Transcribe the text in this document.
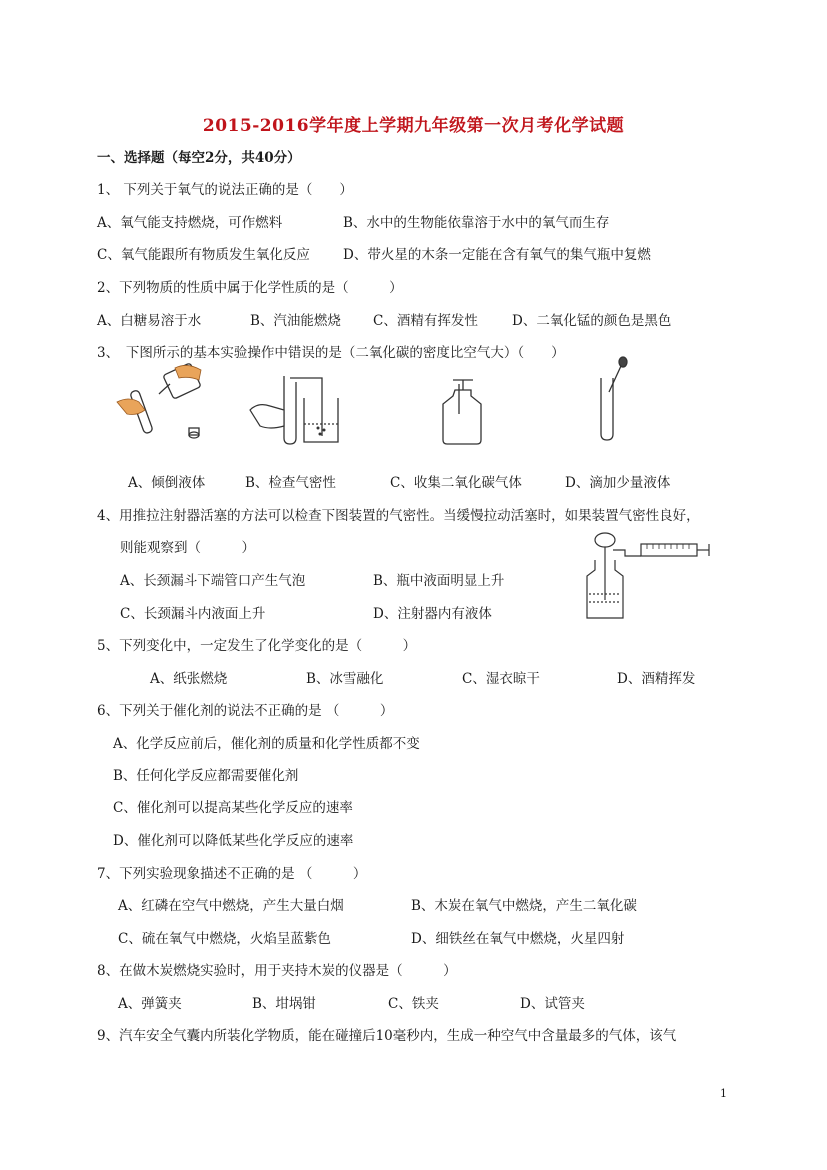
2015-2016学年度上学期九年级第一次月考化学试题
一、选择题（每空2分，共40分）
1、 下列关于氧气的说法正确的是（　　）
A、氧气能支持燃烧，可作燃料	B、水中的生物能依靠溶于水中的氧气而生存
C、氧气能跟所有物质发生氧化反应 D、带火星的木条一定能在含有氧气的集气瓶中复燃
2、下列物质的性质中属于化学性质的是（　　　）
A、白糖易溶于水	B、汽油能燃烧 C、酒精有挥发性	D、二氧化锰的颜色是黑色
3、　下图所示的基本实验操作中错误的是（二氧化碳的密度比空气大）（　　）
A、倾倒液体	B、检查气密性	C、收集二氧化碳气体	D、滴加少量液体
4、用推拉注射器活塞的方法可以检查下图装置的气密性。当缓慢拉动活塞时，如果装置气密性良好，
则能观察到（　　　）
A、长颈漏斗下端管口产生气泡	B、瓶中液面明显上升
C、长颈漏斗内液面上升	D、注射器内有液体
5、下列变化中，一定发生了化学变化的是（　　　）
A、纸张燃烧	B、冰雪融化	C、湿衣晾干	D、酒精挥发
6、下列关于催化剂的说法不正确的是 （　　　）
A、化学反应前后，催化剂的质量和化学性质都不变
B、任何化学反应都需要催化剂
C、催化剂可以提高某些化学反应的速率
D、催化剂可以降低某些化学反应的速率
7、下列实验现象描述不正确的是 （　　　）
A、红磷在空气中燃烧，产生大量白烟	B、木炭在氧气中燃烧，产生二氧化碳
C、硫在氧气中燃烧，火焰呈蓝紫色	D、细铁丝在氧气中燃烧，火星四射
8、在做木炭燃烧实验时，用于夹持木炭的仪器是（　　　）
A、弹簧夹	B、坩埚钳	C、铁夹	D、试管夹
9、汽车安全气囊内所装化学物质，能在碰撞后10毫秒内，生成一种空气中含量最多的气体，该气
1
